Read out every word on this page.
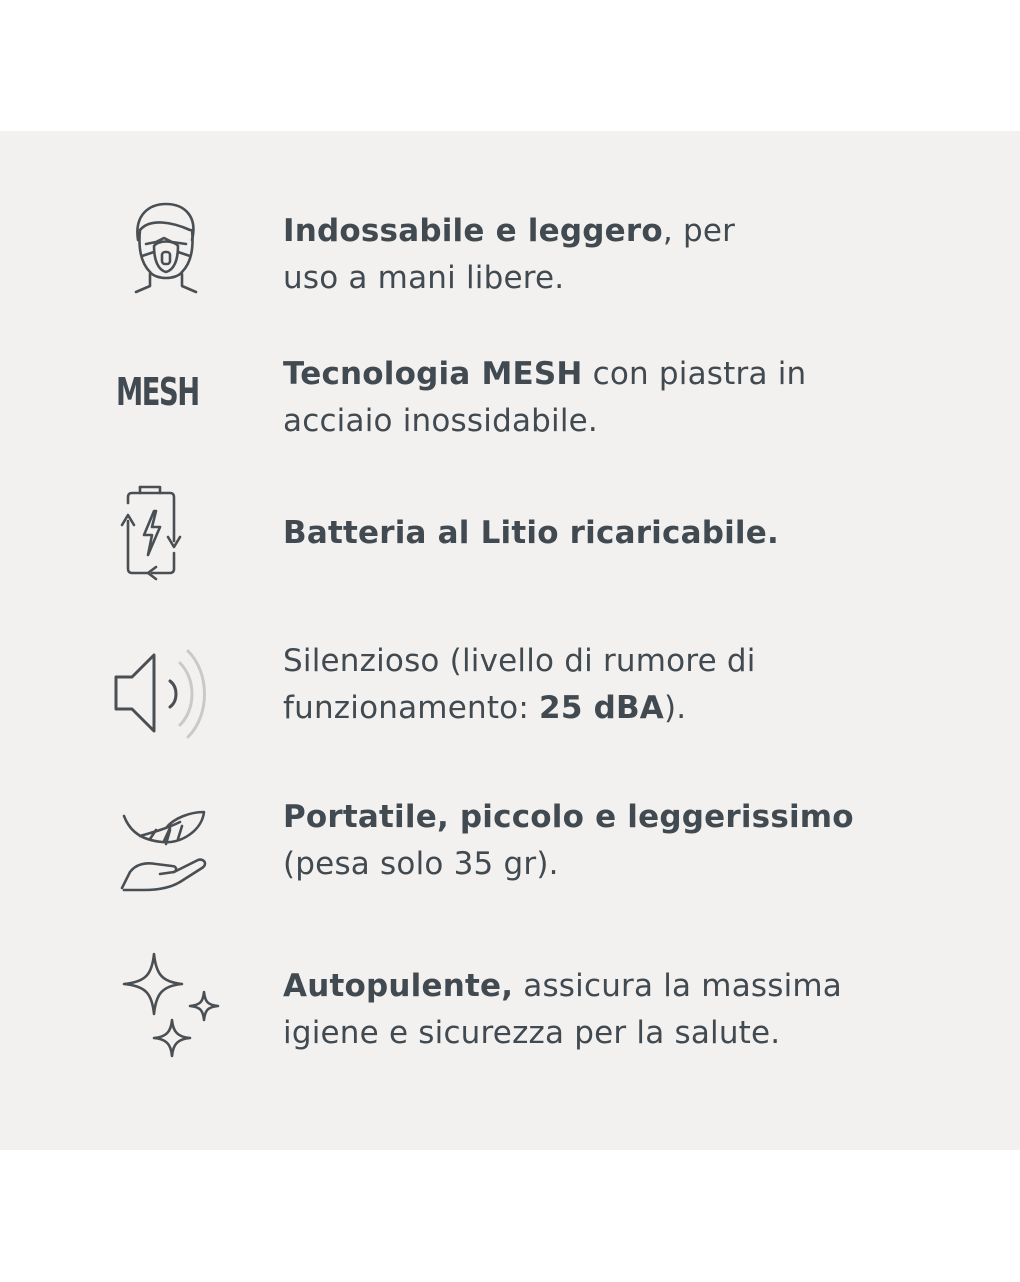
Indossabile e leggero, per
uso a mani libere.
MESH	Tecnologia MESH con piastra in
acciaio inossidabile.
Batteria al Litio ricaricabile.
Silenzioso (livello di rumore di
funzionamento: 25 dBA).
Portatile, piccolo e leggerissimo
(pesa solo 35 gr).
Autopulente, assicura la massima
igiene e sicurezza per la salute.
